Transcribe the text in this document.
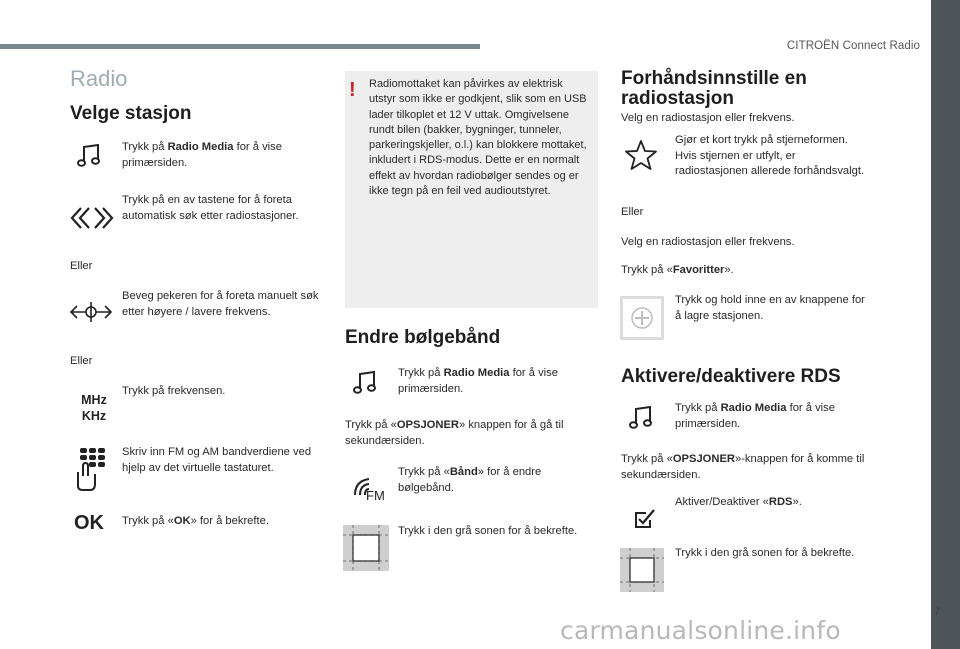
CITROËN Connect Radio
7
carmanualsonline.info
Radio
Velge stasjon
Trykk på Radio Media for å vise primærsiden.
Trykk på en av tastene for å foreta automatisk søk etter radiostasjoner.
Eller
Beveg pekeren for å foreta manuelt søk etter høyere / lavere frekvens.
Eller
MHz
KHz
Trykk på frekvensen.
Skriv inn FM og AM bandverdiene ved hjelp av det virtuelle tastaturet.
OK Trykk på «OK» for å bekrefte.
! Radiomottaket kan påvirkes av elektrisk utstyr som ikke er godkjent, slik som en USB lader tilkoplet et 12 V uttak. Omgivelsene rundt bilen (bakker, bygninger, tunneler, parkeringskjeller, o.l.) kan blokkere mottaket, inkludert i RDS-modus. Dette er en normalt effekt av hvordan radiobølger sendes og er ikke tegn på en feil ved audioutstyret.
Endre bølgebånd
Trykk på Radio Media for å vise primærsiden.
Trykk på «OPSJONER» knappen for å gå til sekundærsiden.
FM
Trykk på «Bånd» for å endre bølgebånd.
Trykk i den grå sonen for å bekrefte.
Forhåndsinnstille en radiostasjon
Velg en radiostasjon eller frekvens.
Gjør et kort trykk på stjerneformen. Hvis stjernen er utfylt, er radiostasjonen allerede forhåndsvalgt.
Eller
Velg en radiostasjon eller frekvens.
Trykk på «Favoritter».
Trykk og hold inne en av knappene for å lagre stasjonen.
Aktivere/deaktivere RDS
Trykk på Radio Media for å vise primærsiden.
Trykk på «OPSJONER»-knappen for å komme til sekundærsiden.
Aktiver/Deaktiver «RDS».
Trykk i den grå sonen for å bekrefte.
